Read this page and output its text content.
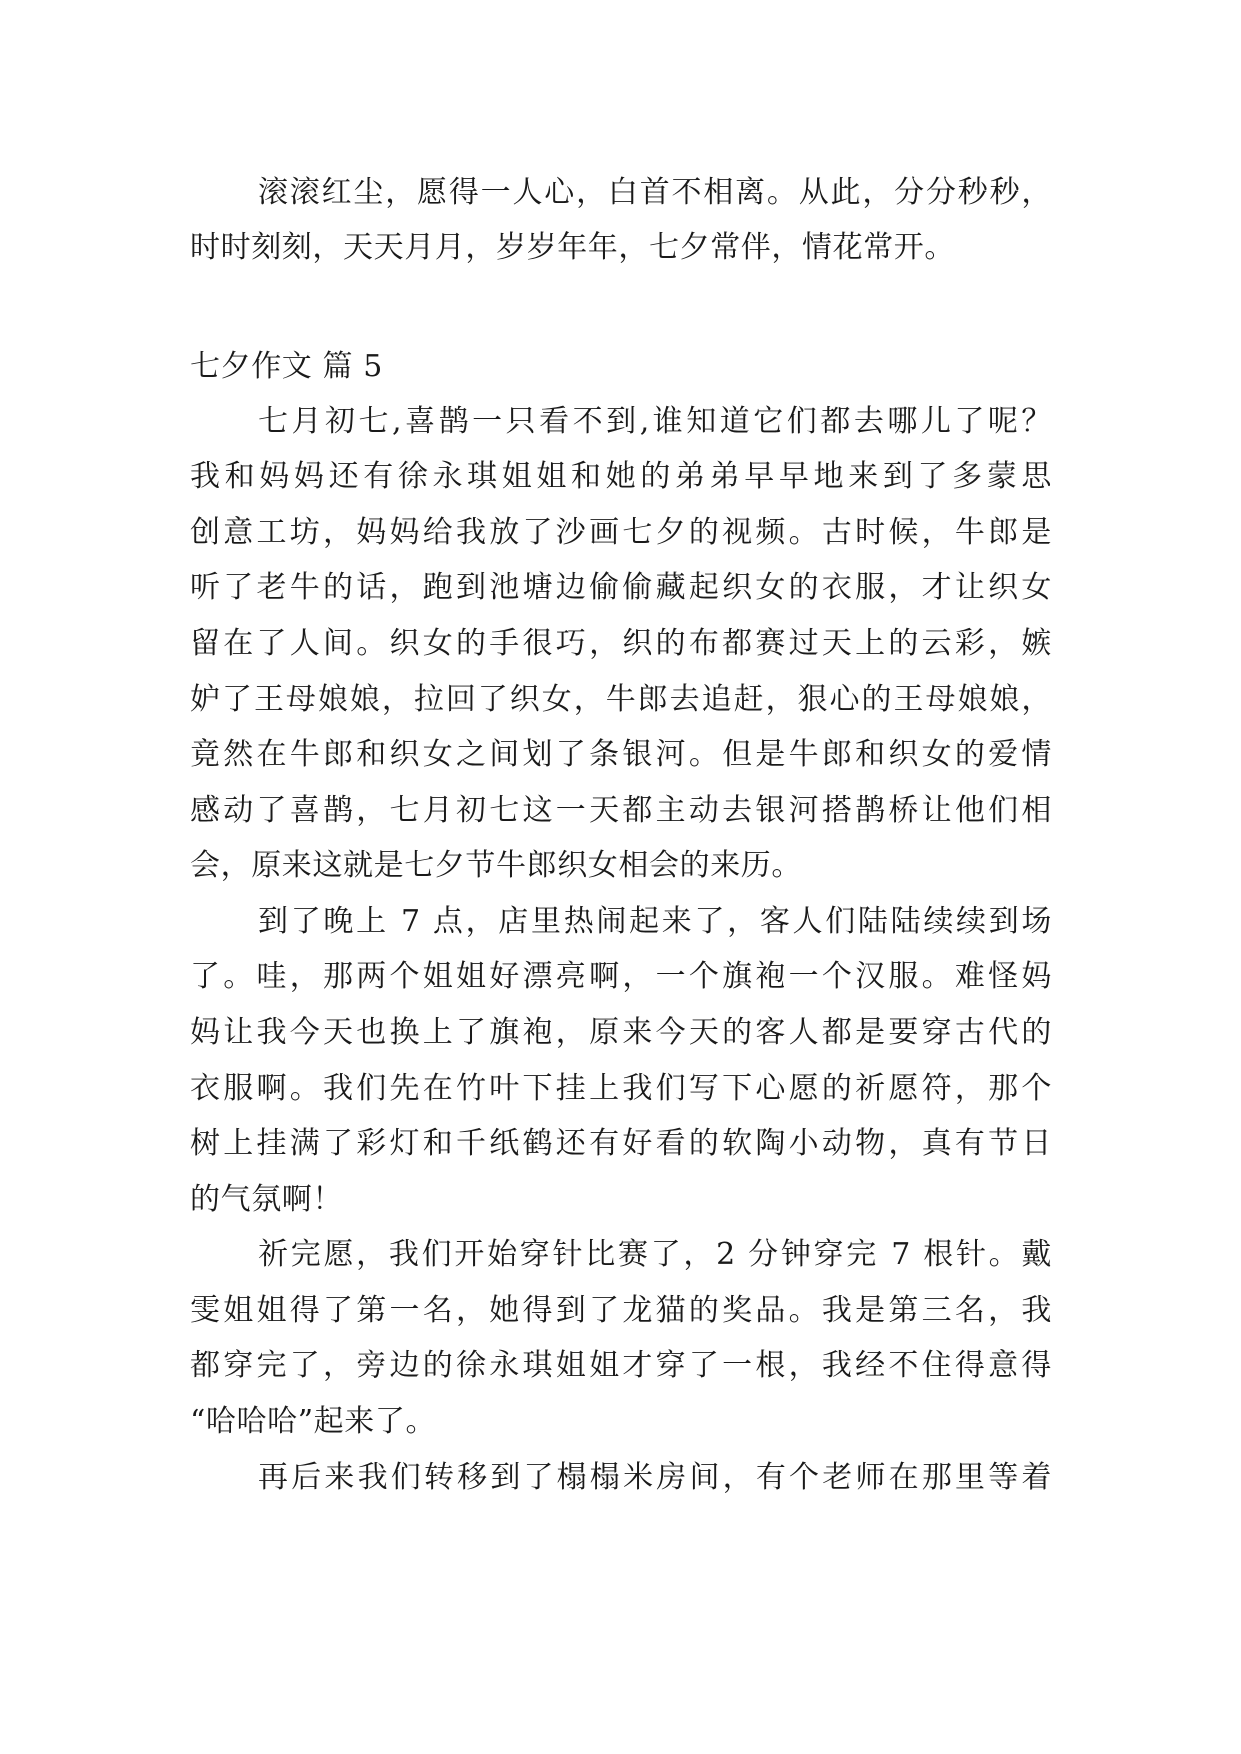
滚滚红尘，愿得一人心，白首不相离。从此，分分秒秒，
时时刻刻，天天月月，岁岁年年，七夕常伴，情花常开。
七夕作文 篇 5
七月初七,喜鹊一只看不到,谁知道它们都去哪儿了呢？
我和妈妈还有徐永琪姐姐和她的弟弟早早地来到了多蒙思
创意工坊，妈妈给我放了沙画七夕的视频。古时候，牛郎是
听了老牛的话，跑到池塘边偷偷藏起织女的衣服，才让织女
留在了人间。织女的手很巧，织的布都赛过天上的云彩，嫉
妒了王母娘娘，拉回了织女，牛郎去追赶，狠心的王母娘娘，
竟然在牛郎和织女之间划了条银河。但是牛郎和织女的爱情
感动了喜鹊，七月初七这一天都主动去银河搭鹊桥让他们相
会，原来这就是七夕节牛郎织女相会的来历。
到了晚上 7 点，店里热闹起来了，客人们陆陆续续到场
了。哇，那两个姐姐好漂亮啊，一个旗袍一个汉服。难怪妈
妈让我今天也换上了旗袍，原来今天的客人都是要穿古代的
衣服啊。我们先在竹叶下挂上我们写下心愿的祈愿符，那个
树上挂满了彩灯和千纸鹤还有好看的软陶小动物，真有节日
的气氛啊！
祈完愿，我们开始穿针比赛了，2 分钟穿完 7 根针。戴
雯姐姐得了第一名，她得到了龙猫的奖品。我是第三名，我
都穿完了，旁边的徐永琪姐姐才穿了一根，我经不住得意得
“哈哈哈”起来了。
再后来我们转移到了榻榻米房间，有个老师在那里等着
